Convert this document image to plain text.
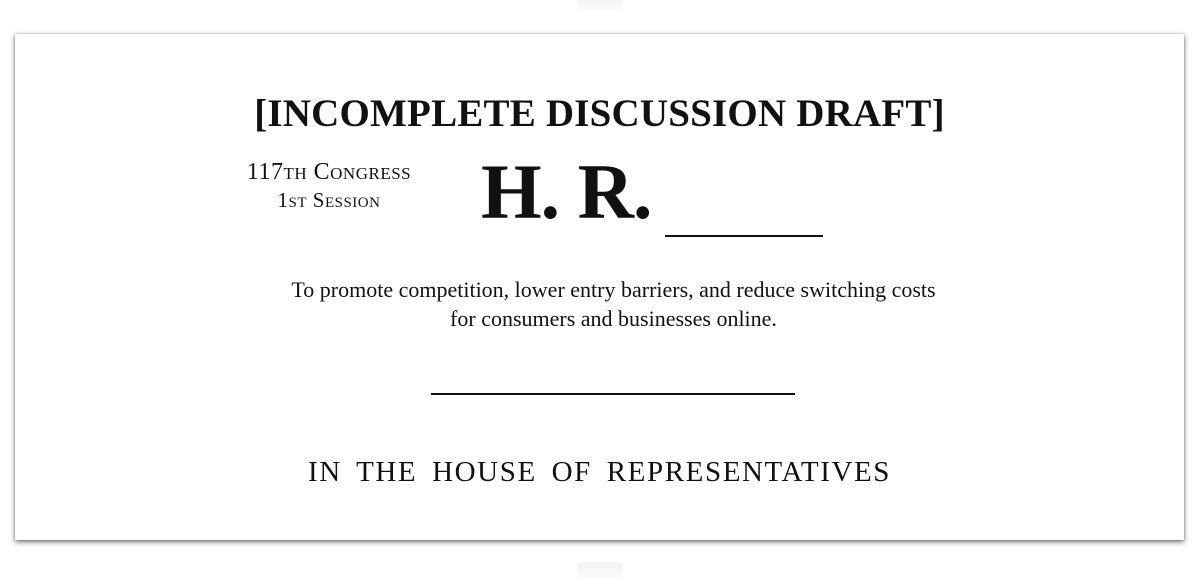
[INCOMPLETE DISCUSSION DRAFT]
117th Congress
1st Session	H. R.
To promote competition, lower entry barriers, and reduce switching costs
for consumers and businesses online.
IN THE HOUSE OF REPRESENTATIVES
